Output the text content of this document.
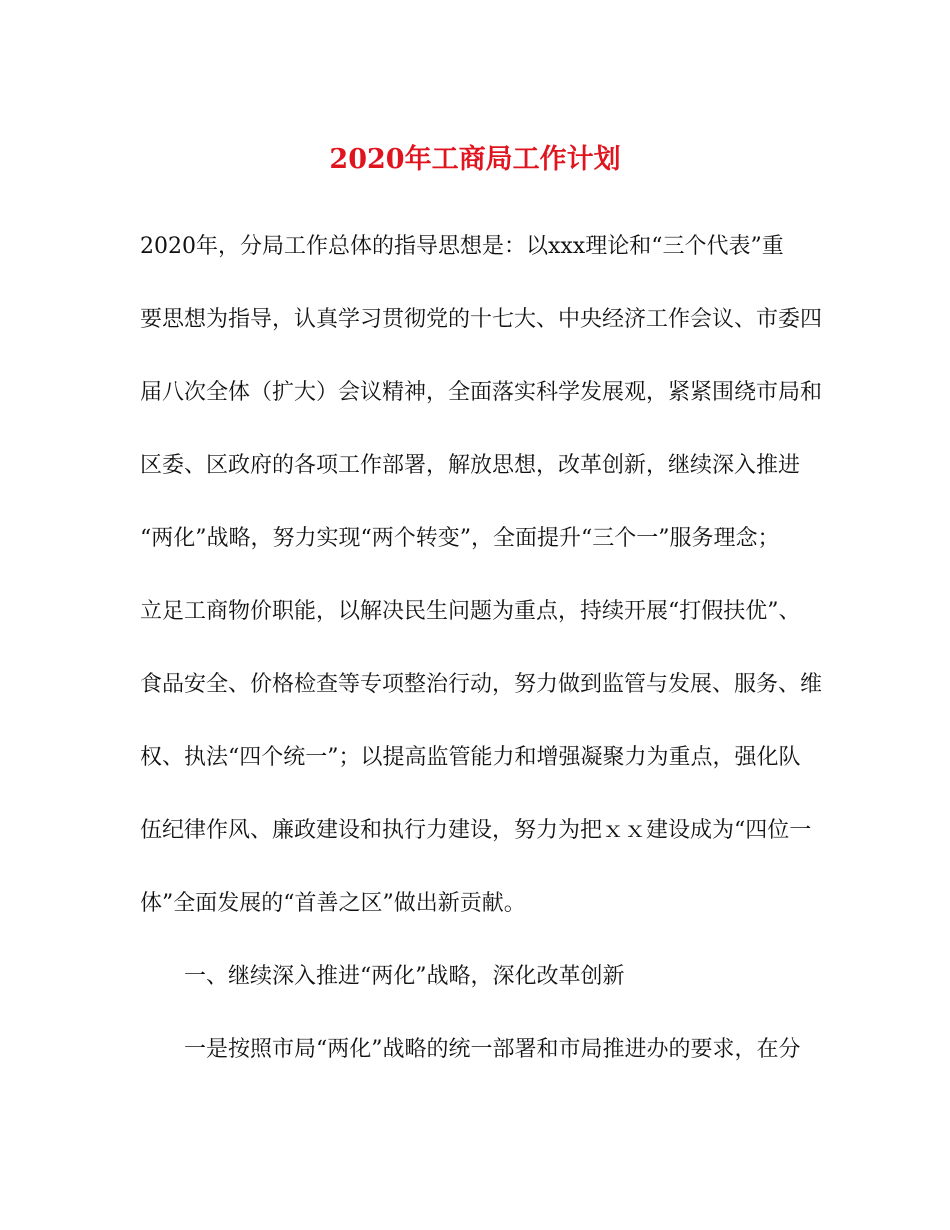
2020年工商局工作计划

2020年，分局工作总体的指导思想是：以xxx理论和“三个代表”重

要思想为指导，认真学习贯彻党的十七大、中央经济工作会议、市委四

届八次全体（扩大）会议精神，全面落实科学发展观，紧紧围绕市局和

区委、区政府的各项工作部署，解放思想，改革创新，继续深入推进

“两化”战略，努力实现“两个转变”，全面提升“三个一”服务理念；

立足工商物价职能，以解决民生问题为重点，持续开展“打假扶优”、

食品安全、价格检查等专项整治行动，努力做到监管与发展、服务、维

权、执法“四个统一”；以提高监管能力和增强凝聚力为重点，强化队

伍纪律作风、廉政建设和执行力建设，努力为把ｘｘ建设成为“四位一

体”全面发展的“首善之区”做出新贡献。

一、继续深入推进“两化”战略，深化改革创新

一是按照市局“两化”战略的统一部署和市局推进办的要求，在分
